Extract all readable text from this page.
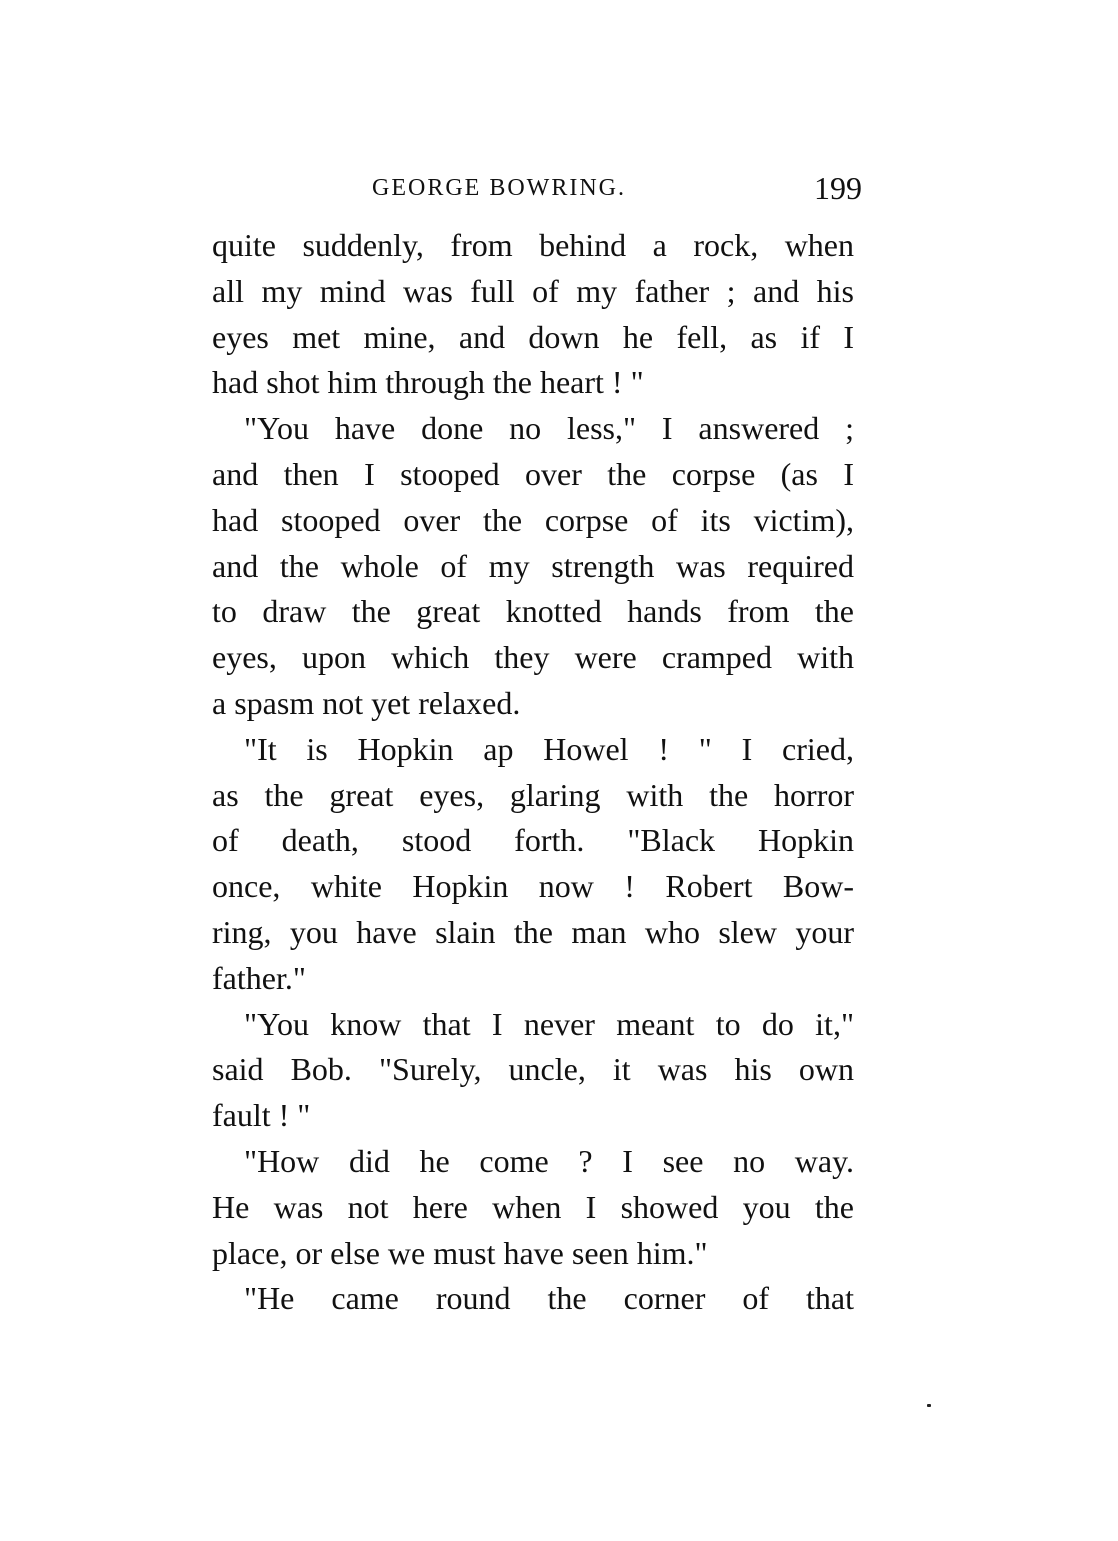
GEORGE BOWRING.	199
quite suddenly, from behind a rock, when
all my mind was full of my father ; and his
eyes met mine, and down he fell, as if I
had shot him through the heart ! "
"You have done no less," I answered ;
and then I stooped over the corpse (as I
had stooped over the corpse of its victim),
and the whole of my strength was required
to draw the great knotted hands from the
eyes, upon which they were cramped with
a spasm not yet relaxed.
"It is Hopkin ap Howel ! " I cried,
as the great eyes, glaring with the horror
of death, stood forth. "Black Hopkin
once, white Hopkin now ! Robert Bow-
ring, you have slain the man who slew your
father."
"You know that I never meant to do it,"
said Bob. "Surely, uncle, it was his own
fault ! "
"How did he come ? I see no way.
He was not here when I showed you the
place, or else we must have seen him."
"He came round the corner of that
